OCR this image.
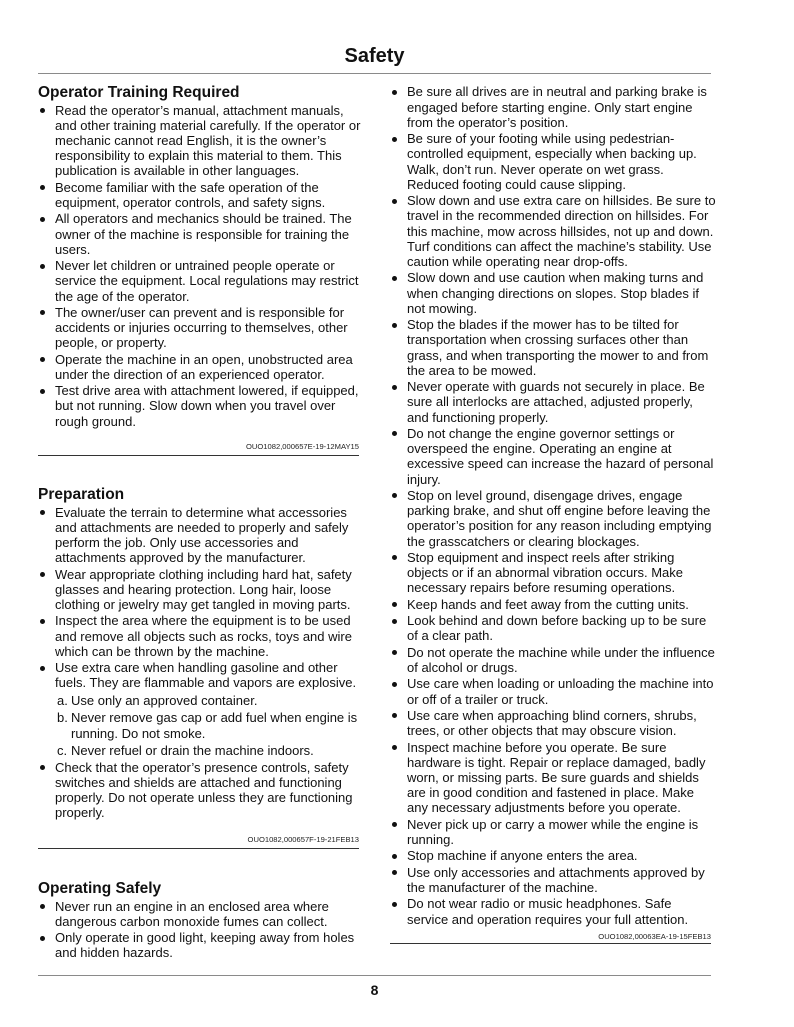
Safety
Operator Training Required
Read the operator’s manual, attachment manuals,
and other training material carefully. If the operator or
mechanic cannot read English, it is the owner’s
responsibility to explain this material to them. This
publication is available in other languages.
Become familiar with the safe operation of the
equipment, operator controls, and safety signs.
All operators and mechanics should be trained. The
owner of the machine is responsible for training the
users.
Never let children or untrained people operate or
service the equipment. Local regulations may restrict
the age of the operator.
The owner/user can prevent and is responsible for
accidents or injuries occurring to themselves, other
people, or property.
Operate the machine in an open, unobstructed area
under the direction of an experienced operator.
Test drive area with attachment lowered, if equipped,
but not running. Slow down when you travel over
rough ground.
OUO1082,000657E-19-12MAY15
Preparation
Evaluate the terrain to determine what accessories
and attachments are needed to properly and safely
perform the job. Only use accessories and
attachments approved by the manufacturer.
Wear appropriate clothing including hard hat, safety
glasses and hearing protection. Long hair, loose
clothing or jewelry may get tangled in moving parts.
Inspect the area where the equipment is to be used
and remove all objects such as rocks, toys and wire
which can be thrown by the machine.
Use extra care when handling gasoline and other
fuels. They are flammable and vapors are explosive.
a. Use only an approved container.
b. Never remove gas cap or add fuel when engine is
running. Do not smoke.
c. Never refuel or drain the machine indoors.
Check that the operator’s presence controls, safety
switches and shields are attached and functioning
properly. Do not operate unless they are functioning
properly.
OUO1082,000657F-19-21FEB13
Operating Safely
Never run an engine in an enclosed area where
dangerous carbon monoxide fumes can collect.
Only operate in good light, keeping away from holes
and hidden hazards.
Be sure all drives are in neutral and parking brake is
engaged before starting engine. Only start engine
from the operator’s position.
Be sure of your footing while using pedestrian-
controlled equipment, especially when backing up.
Walk, don’t run. Never operate on wet grass.
Reduced footing could cause slipping.
Slow down and use extra care on hillsides. Be sure to
travel in the recommended direction on hillsides. For
this machine, mow across hillsides, not up and down.
Turf conditions can affect the machine’s stability. Use
caution while operating near drop-offs.
Slow down and use caution when making turns and
when changing directions on slopes. Stop blades if
not mowing.
Stop the blades if the mower has to be tilted for
transportation when crossing surfaces other than
grass, and when transporting the mower to and from
the area to be mowed.
Never operate with guards not securely in place. Be
sure all interlocks are attached, adjusted properly,
and functioning properly.
Do not change the engine governor settings or
overspeed the engine. Operating an engine at
excessive speed can increase the hazard of personal
injury.
Stop on level ground, disengage drives, engage
parking brake, and shut off engine before leaving the
operator’s position for any reason including emptying
the grasscatchers or clearing blockages.
Stop equipment and inspect reels after striking
objects or if an abnormal vibration occurs. Make
necessary repairs before resuming operations.
Keep hands and feet away from the cutting units.
Look behind and down before backing up to be sure
of a clear path.
Do not operate the machine while under the influence
of alcohol or drugs.
Use care when loading or unloading the machine into
or off of a trailer or truck.
Use care when approaching blind corners, shrubs,
trees, or other objects that may obscure vision.
Inspect machine before you operate. Be sure
hardware is tight. Repair or replace damaged, badly
worn, or missing parts. Be sure guards and shields
are in good condition and fastened in place. Make
any necessary adjustments before you operate.
Never pick up or carry a mower while the engine is
running.
Stop machine if anyone enters the area.
Use only accessories and attachments approved by
the manufacturer of the machine.
Do not wear radio or music headphones. Safe
service and operation requires your full attention.
OUO1082,00063EA-19-15FEB13
8
